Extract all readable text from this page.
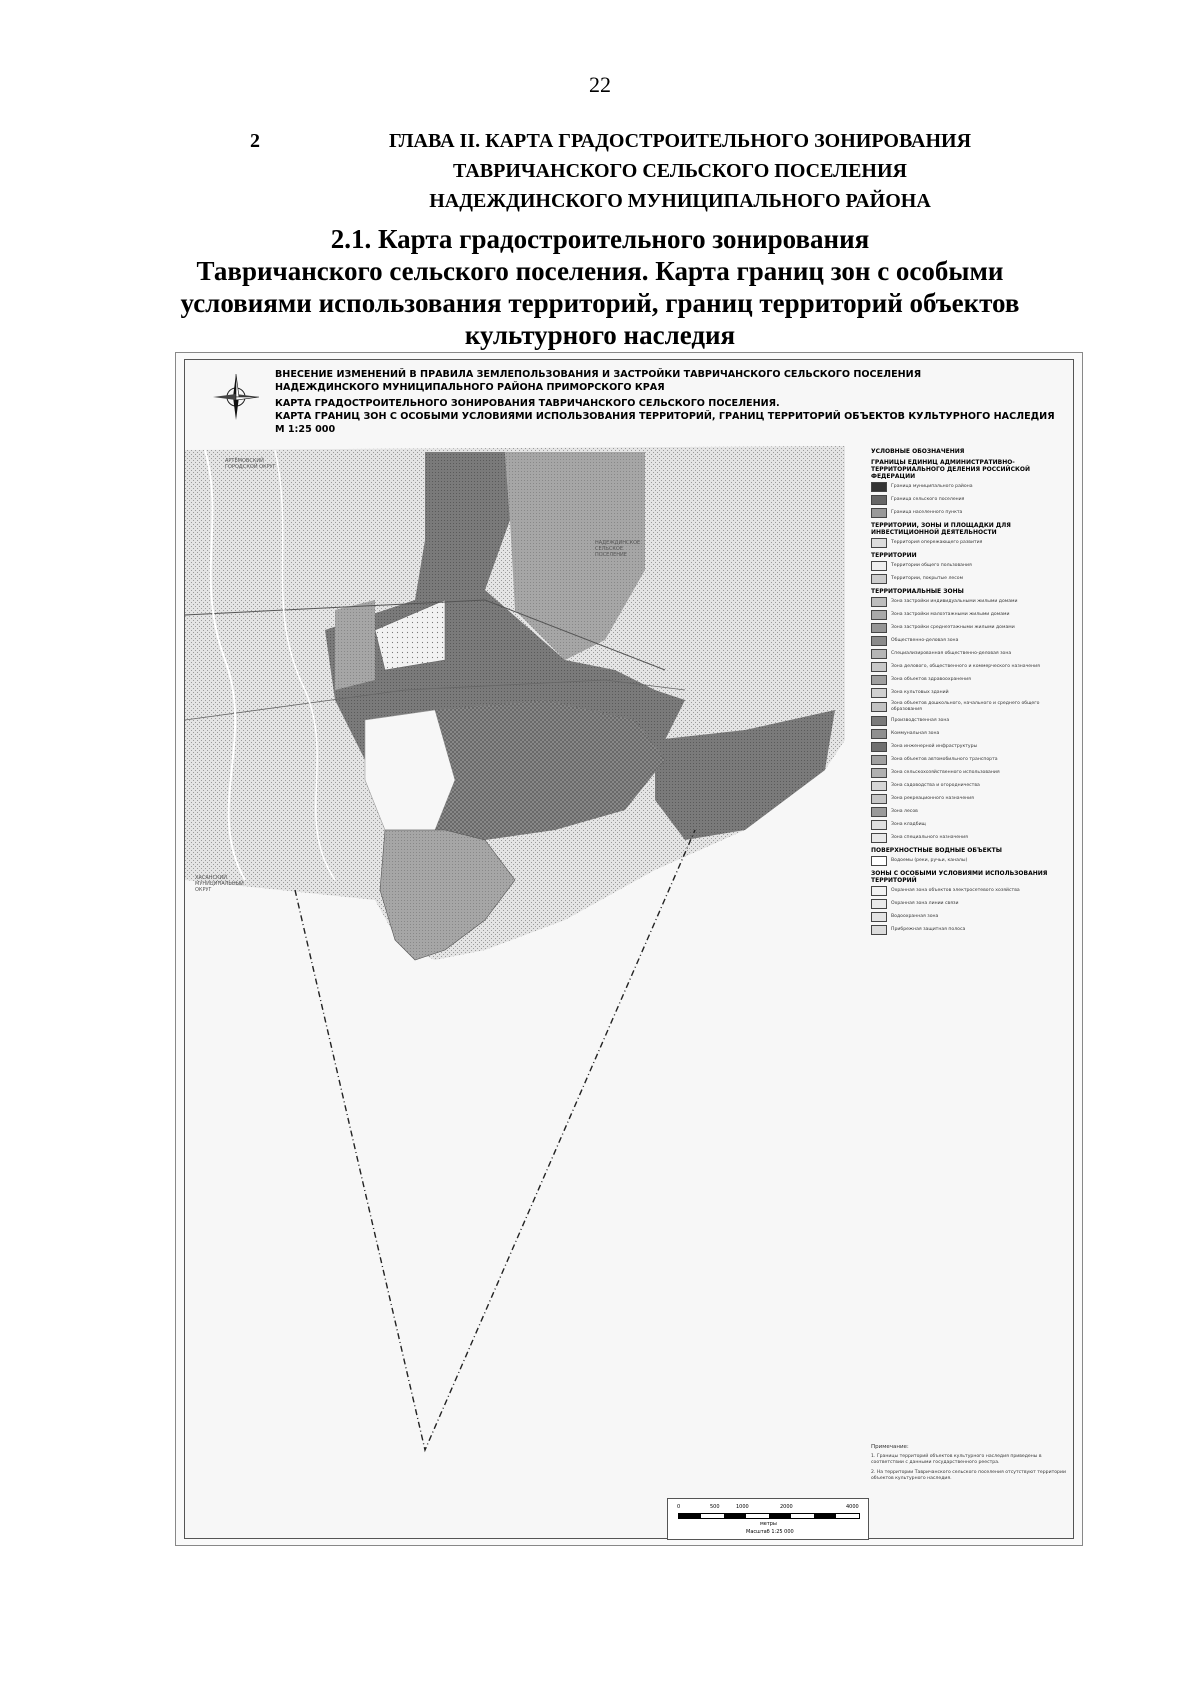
22
2	ГЛАВА II. КАРТА ГРАДОСТРОИТЕЛЬНОГО ЗОНИРОВАНИЯ
ТАВРИЧАНСКОГО СЕЛЬСКОГО ПОСЕЛЕНИЯ
НАДЕЖДИНСКОГО МУНИЦИПАЛЬНОГО РАЙОНА
2.1. Карта градостроительного зонирования
Тавричанского сельского поселения. Карта границ зон с особыми
условиями использования территорий, границ территорий объектов
культурного наследия
ВНЕСЕНИЕ ИЗМЕНЕНИЙ В ПРАВИЛА ЗЕМЛЕПОЛЬЗОВАНИЯ И ЗАСТРОЙКИ ТАВРИЧАНСКОГО СЕЛЬСКОГО ПОСЕЛЕНИЯ
НАДЕЖДИНСКОГО МУНИЦИПАЛЬНОГО РАЙОНА ПРИМОРСКОГО КРАЯ
КАРТА ГРАДОСТРОИТЕЛЬНОГО ЗОНИРОВАНИЯ ТАВРИЧАНСКОГО СЕЛЬСКОГО ПОСЕЛЕНИЯ.
КАРТА ГРАНИЦ ЗОН С ОСОБЫМИ УСЛОВИЯМИ ИСПОЛЬЗОВАНИЯ ТЕРРИТОРИЙ, ГРАНИЦ ТЕРРИТОРИЙ ОБЪЕКТОВ КУЛЬТУРНОГО НАСЛЕДИЯ
М 1:25 000
АРТЁМОВСКИЙ ГОРОДСКОЙ ОКРУГ
НАДЕЖДИНСКОЕ СЕЛЬСКОЕ ПОСЕЛЕНИЕ
ХАСАНСКИЙ МУНИЦИПАЛЬНЫЙ ОКРУГ
УСЛОВНЫЕ ОБОЗНАЧЕНИЯ
ГРАНИЦЫ ЕДИНИЦ АДМИНИСТРАТИВНО-ТЕРРИТОРИАЛЬНОГО ДЕЛЕНИЯ РОССИЙСКОЙ ФЕДЕРАЦИИ
Граница муниципального района
Граница сельского поселения
Граница населенного пункта
ТЕРРИТОРИИ, ЗОНЫ И ПЛОЩАДКИ ДЛЯ ИНВЕСТИЦИОННОЙ ДЕЯТЕЛЬНОСТИ
Территория опережающего развития
ТЕРРИТОРИИ
Территории общего пользования
Территории, покрытые лесом
ТЕРРИТОРИАЛЬНЫЕ ЗОНЫ
Зона застройки индивидуальными жилыми домами
Зона застройки малоэтажными жилыми домами
Зона застройки среднеэтажными жилыми домами
Общественно-деловая зона
Специализированная общественно-деловая зона
Зона делового, общественного и коммерческого назначения
Зона объектов здравоохранения
Зона культовых зданий
Зона объектов дошкольного, начального и среднего общего образования
Производственная зона
Коммунальная зона
Зона инженерной инфраструктуры
Зона объектов автомобильного транспорта
Зона сельскохозяйственного использования
Зона садоводства и огородничества
Зона рекреационного назначения
Зона лесов
Зона кладбищ
Зона специального назначения
ПОВЕРХНОСТНЫЕ ВОДНЫЕ ОБЪЕКТЫ
Водоемы (реки, ручьи, каналы)
ЗОНЫ С ОСОБЫМИ УСЛОВИЯМИ ИСПОЛЬЗОВАНИЯ ТЕРРИТОРИЙ
Охранная зона объектов электросетевого хозяйства
Охранная зона линии связи
Водоохранная зона
Прибрежная защитная полоса
Примечание:

1. Границы территорий объектов культурного наследия приведены в соответствии с данными государственного реестра.

2. На территории Тавричанского сельского поселения отсутствуют территории объектов культурного наследия.

0	500	1000	2000	4000
метры
Масштаб 1:25 000
